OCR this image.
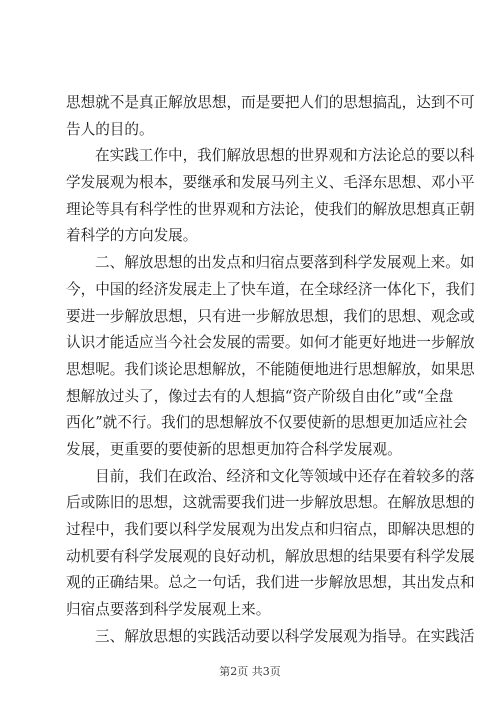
思想就不是真正解放思想，而是要把人们的思想搞乱，达到不可
告人的目的。
在实践工作中，我们解放思想的世界观和方法论总的要以科
学发展观为根本，要继承和发展马列主义、毛泽东思想、邓小平
理论等具有科学性的世界观和方法论，使我们的解放思想真正朝
着科学的方向发展。
二、解放思想的出发点和归宿点要落到科学发展观上来。如
今，中国的经济发展走上了快车道，在全球经济一体化下，我们
要进一步解放思想，只有进一步解放思想，我们的思想、观念或
认识才能适应当今社会发展的需要。如何才能更好地进一步解放
思想呢。我们谈论思想解放，不能随便地进行思想解放，如果思
想解放过头了，像过去有的人想搞“资产阶级自由化”或“全盘
西化”就不行。我们的思想解放不仅要使新的思想更加适应社会
发展，更重要的要使新的思想更加符合科学发展观。
目前，我们在政治、经济和文化等领域中还存在着较多的落
后或陈旧的思想，这就需要我们进一步解放思想。在解放思想的
过程中，我们要以科学发展观为出发点和归宿点，即解决思想的
动机要有科学发展观的良好动机，解放思想的结果要有科学发展
观的正确结果。总之一句话，我们进一步解放思想，其出发点和
归宿点要落到科学发展观上来。
三、解放思想的实践活动要以科学发展观为指导。在实践活
第2页 共3页
